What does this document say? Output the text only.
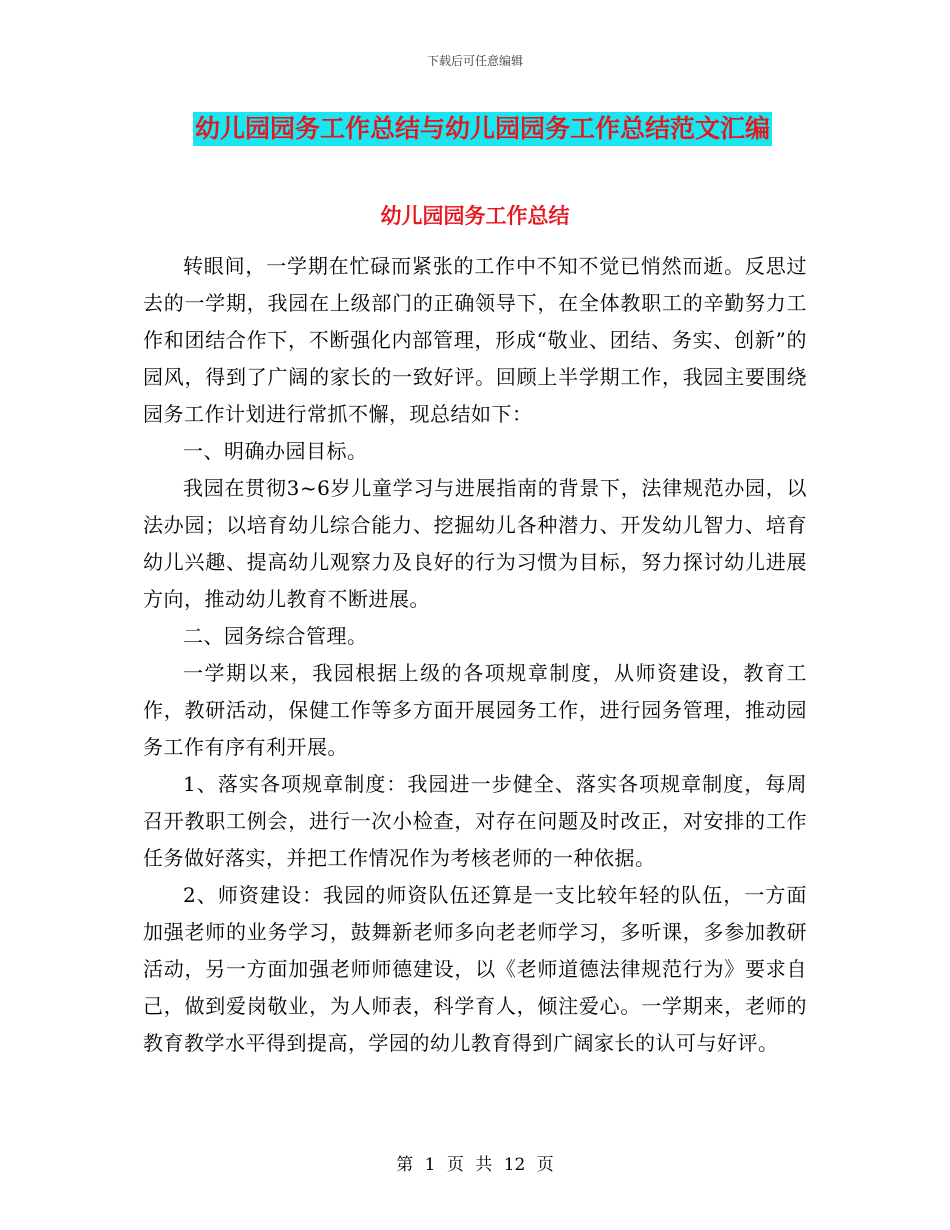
下载后可任意编辑
幼儿园园务工作总结与幼儿园园务工作总结范文汇编
幼儿园园务工作总结

转眼间，一学期在忙碌而紧张的工作中不知不觉已悄然而逝。反思过去的一学期，我园在上级部门的正确领导下，在全体教职工的辛勤努力工作和团结合作下，不断强化内部管理，形成“敬业、团结、务实、创新”的园风，得到了广阔的家长的一致好评。回顾上半学期工作，我园主要围绕园务工作计划进行常抓不懈，现总结如下：

一、明确办园目标。

我园在贯彻3~6岁儿童学习与进展指南的背景下，法律规范办园，以法办园；以培育幼儿综合能力、挖掘幼儿各种潜力、开发幼儿智力、培育幼儿兴趣、提高幼儿观察力及良好的行为习惯为目标，努力探讨幼儿进展方向，推动幼儿教育不断进展。

二、园务综合管理。

一学期以来，我园根据上级的各项规章制度，从师资建设，教育工作，教研活动，保健工作等多方面开展园务工作，进行园务管理，推动园务工作有序有利开展。

1、落实各项规章制度：我园进一步健全、落实各项规章制度，每周召开教职工例会，进行一次小检查，对存在问题及时改正，对安排的工作任务做好落实，并把工作情况作为考核老师的一种依据。

2、师资建设：我园的师资队伍还算是一支比较年轻的队伍，一方面加强老师的业务学习，鼓舞新老师多向老老师学习，多听课，多参加教研活动，另一方面加强老师师德建设，以《老师道德法律规范行为》要求自己，做到爱岗敬业，为人师表，科学育人，倾注爱心。一学期来，老师的教育教学水平得到提高，学园的幼儿教育得到广阔家长的认可与好评。

第 1 页 共 12 页
